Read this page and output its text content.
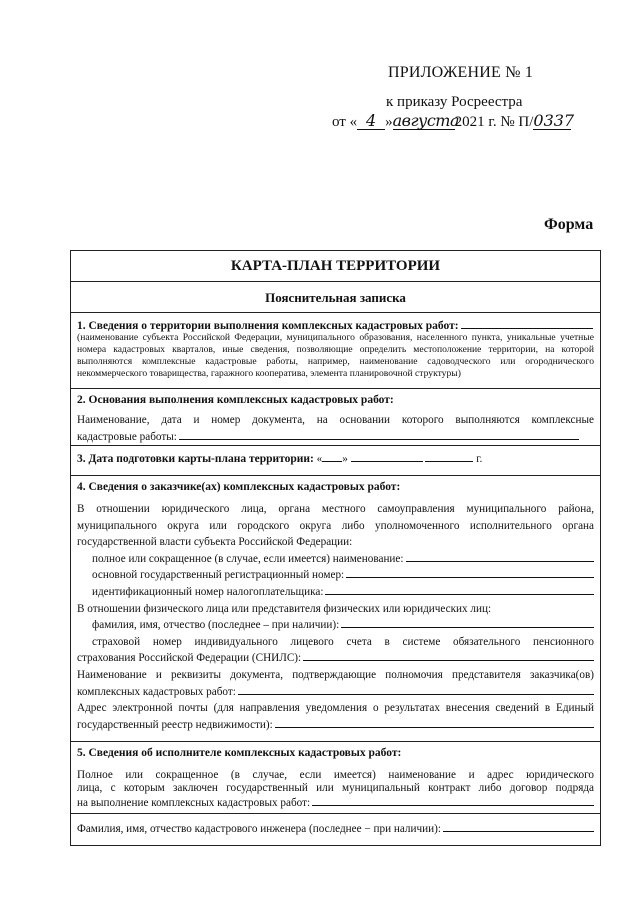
ПРИЛОЖЕНИЕ № 1
к приказу Росреестра
от « 4 »августа2021 г. № П/0337
Форма
КАРТА-ПЛАН ТЕРРИТОРИИ
Пояснительная записка
1. Сведения о территории выполнения комплексных кадастровых работ:
(наименование субъекта Российской Федерации, муниципального образования, населенного пункта, уникальные учетные номера кадастровых кварталов, иные сведения, позволяющие определить местоположение территории, на которой выполняются комплексные кадастровые работы, например, наименование садоводческого или огороднического некоммерческого товарищества, гаражного кооператива, элемента планировочной структуры)
2. Основания выполнения комплексных кадастровых работ:
Наименование, дата и номер документа, на основании которого выполняются комплексные
кадастровые работы:
3. Дата подготовки карты-плана территории: « »	г.
4. Сведения о заказчике(ах) комплексных кадастровых работ:
В отношении юридического лица, органа местного самоуправления муниципального района,
муниципального округа или городского округа либо уполномоченного исполнительного органа
государственной власти субъекта Российской Федерации:
полное или сокращенное (в случае, если имеется) наименование:
основной государственный регистрационный номер:
идентификационный номер налогоплательщика:
В отношении физического лица или представителя физических или юридических лиц:
фамилия, имя, отчество (последнее – при наличии):
страховой номер индивидуального лицевого счета в системе обязательного пенсионного
страхования Российской Федерации (СНИЛС):
Наименование и реквизиты документа, подтверждающие полномочия представителя заказчика(ов)
комплексных кадастровых работ:
Адрес электронной почты (для направления уведомления о результатах внесения сведений в Единый
государственный реестр недвижимости):
5. Сведения об исполнителе комплексных кадастровых работ:
Полное или сокращенное (в случае, если имеется) наименование и адрес юридического
лица, с которым заключен государственный или муниципальный контракт либо договор подряда
на выполнение комплексных кадастровых работ:
Фамилия, имя, отчество кадастрового инженера (последнее − при наличии):
